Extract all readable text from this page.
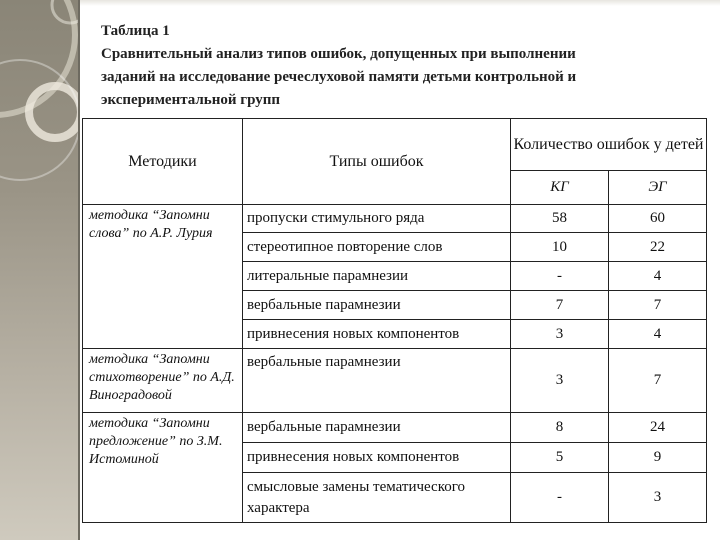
Таблица 1
Сравнительный анализ типов ошибок, допущенных при выполнении
заданий на исследование речеслуховой памяти детьми контрольной и
экспериментальной групп
Методики	Типы ошибок	Количество ошибок у детей	
		КГ	ЭГ
методика “Запомни слова” по А.Р. Лурия	пропуски стимульного ряда	58	60
	стереотипное повторение слов	10	22
	литеральные парамнезии	-	4
	вербальные парамнезии	7	7
	привнесения новых компонентов	3	4
методика “Запомни стихотворение” по А.Д. Виноградовой	вербальные парамнезии	3	7
методика “Запомни предложение” по З.М. Истоминой	вербальные парамнезии	8	24
	привнесения новых компонентов	5	9
	смысловые замены тематического характера	-	3
